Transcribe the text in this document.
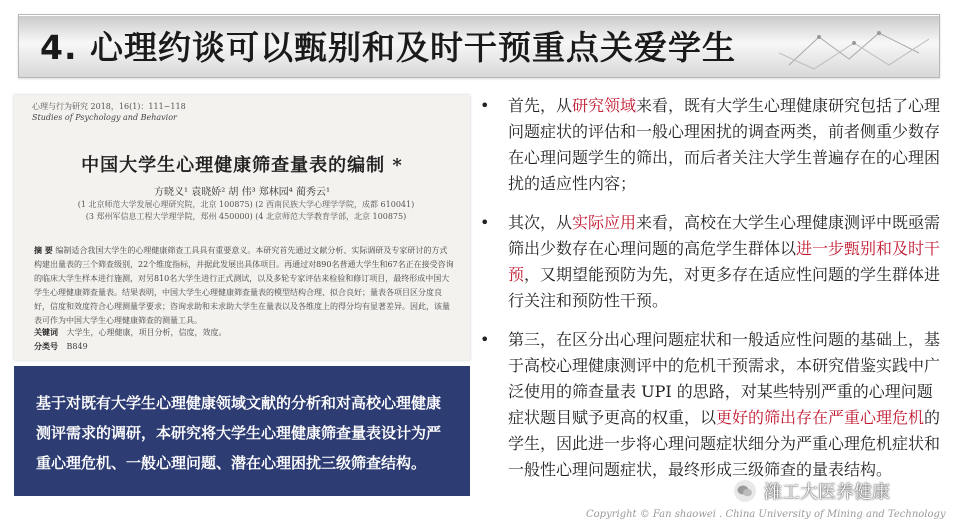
4. 心理约谈可以甄别和及时干预重点关爱学生
心理与行为研究 2018，16(1)：111~118
Studies of Psychology and Behavior
中国大学生心理健康筛查量表的编制 *
方晓义¹ 袁晓娇² 胡 伟³ 郑林园⁴ 蔺秀云¹
(1 北京师范大学发展心理研究院，北京 100875) (2 西南民族大学心理学学院，成都 610041)
(3 郑州军信息工程大学理学院，郑州 450000) (4 北京师范大学教育学部，北京 100875)
摘 要 编制适合我国大学生的心理健康筛查工具具有重要意义。本研究首先通过文献分析、实际调研及专家研讨的方式构建出量表的三个筛查级别，22个维度指标，并据此发展出具体项目。再通过对890名普通大学生和67名正在接受咨询的临床大学生样本进行施测，对另810名大学生进行正式测试，以及多轮专家评估来检验和修订项目，最终形成中国大学生心理健康筛查量表。结果表明，中国大学生心理健康筛查量表的模型结构合理、拟合良好；量表各项目区分度良好，信度和效度符合心理测量学要求；咨询求助和未求助大学生在量表以及各维度上的得分均有显著差异。因此，该量表可作为中国大学生心理健康筛查的测量工具。
关键词 大学生，心理健康，项目分析，信度，效度。
分类号 B849
基于对既有大学生心理健康领域文献的分析和对高校心理健康测评需求的调研，本研究将大学生心理健康筛查量表设计为严重心理危机、一般心理问题、潜在心理困扰三级筛查结构。
• 首先，从研究领域来看，既有大学生心理健康研究包括了心理问题症状的评估和一般心理困扰的调查两类，前者侧重少数存在心理问题学生的筛出，而后者关注大学生普遍存在的心理困扰的适应性内容；
• 其次，从实际应用来看，高校在大学生心理健康测评中既亟需筛出少数存在心理问题的高危学生群体以进一步甄别和及时干预，又期望能预防为先，对更多存在适应性问题的学生群体进行关注和预防性干预。
• 第三，在区分出心理问题症状和一般适应性问题的基础上，基于高校心理健康测评中的危机干预需求，本研究借鉴实践中广泛使用的筛查量表 UPI 的思路，对某些特别严重的心理问题症状题目赋予更高的权重，以更好的筛出存在严重心理危机的学生，因此进一步将心理问题症状细分为严重心理危机症状和一般性心理问题症状，最终形成三级筛查的量表结构。
潍工大医养健康
Copyright © Fan shaowei . China University of Mining and Technology
